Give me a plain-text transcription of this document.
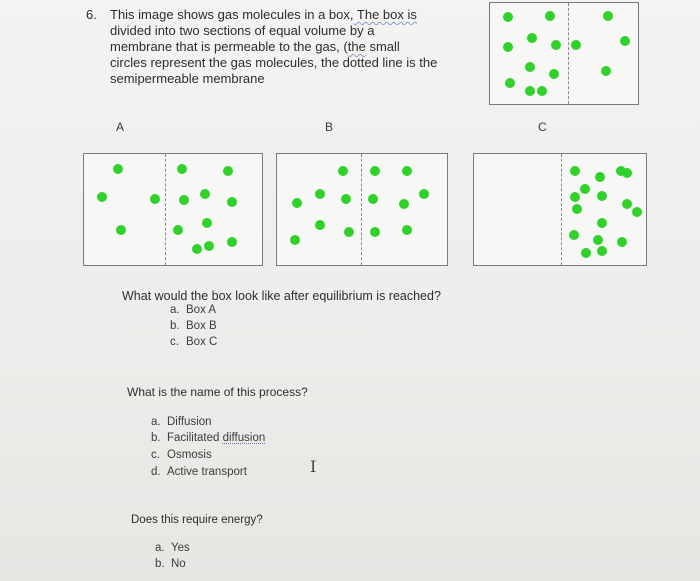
6. This image shows gas molecules in a box, The box is
divided into two sections of equal volume by a
membrane that is permeable to the gas, (the small
circles represent the gas molecules, the dotted line is the
semipermeable membrane
A	B	C
What would the box look like after equilibrium is reached?
a. Box A
b. Box B
c. Box C
What is the name of this process?
a. Diffusion
b. Facilitated diffusion
c. Osmosis
d. Active transport	I
Does this require energy?
a. Yes
b. No
